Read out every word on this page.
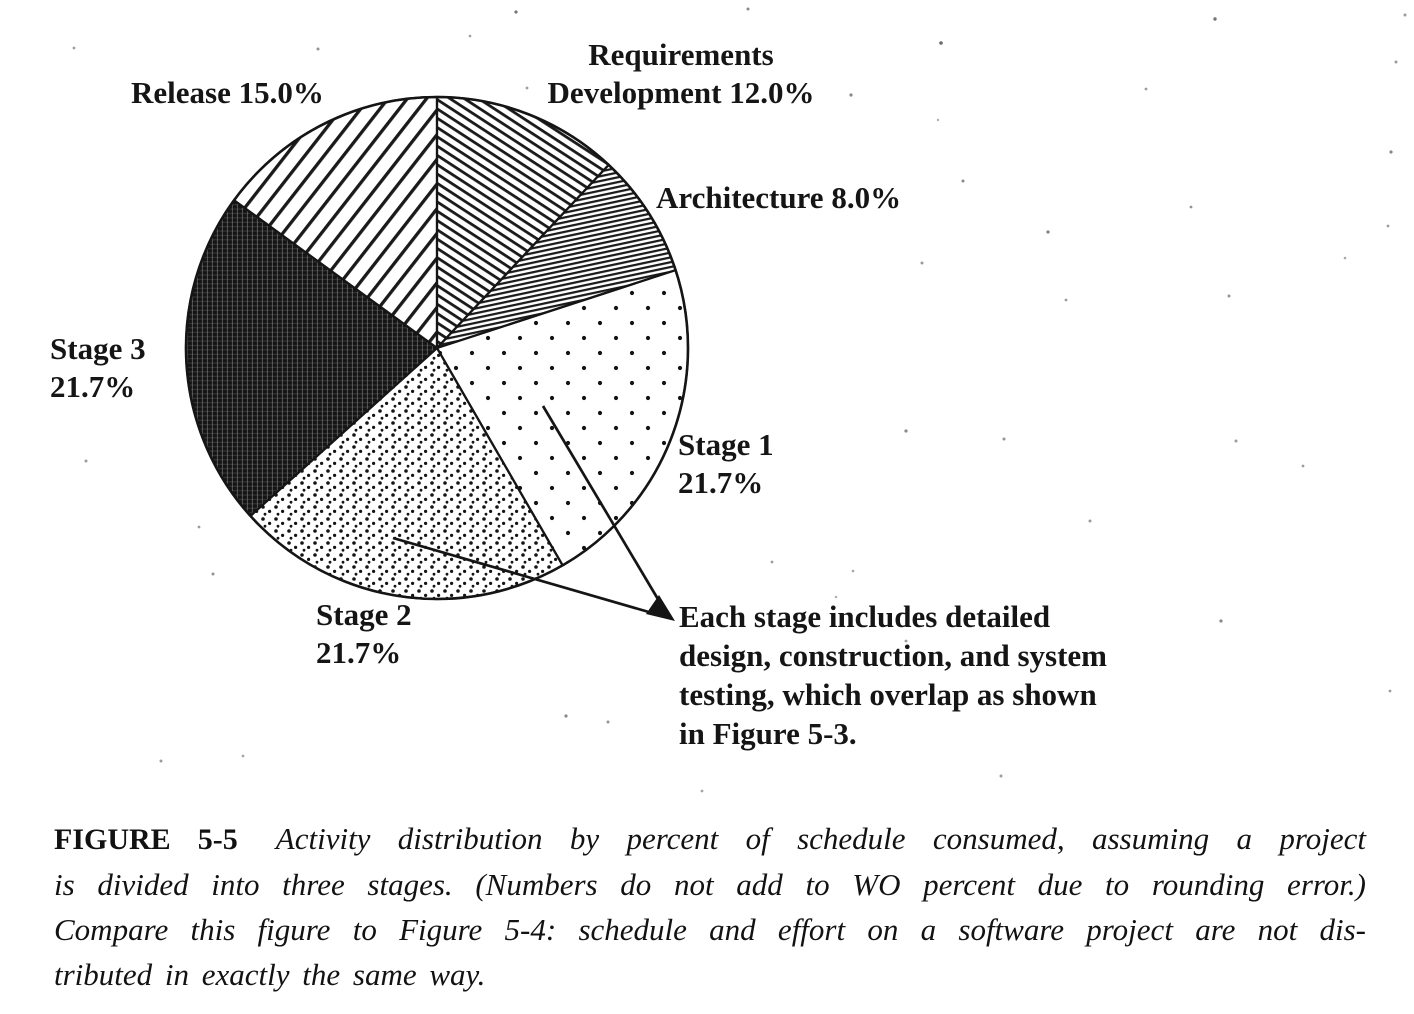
Release 15.0%
Requirements
Development 12.0%
Architecture 8.0%
Stage 1
21.7%
Stage 2
21.7%
Stage 3
21.7%
Each stage includes detailed
design, construction, and system
testing, which overlap as shown
in Figure 5-3.
FIGURE 5-5 Activity distribution by percent of schedule consumed, assuming a project
is divided into three stages. (Numbers do not add to WO percent due to rounding error.)
Compare this figure to Figure 5-4: schedule and effort on a software project are not dis-
tributed in exactly the same way.
